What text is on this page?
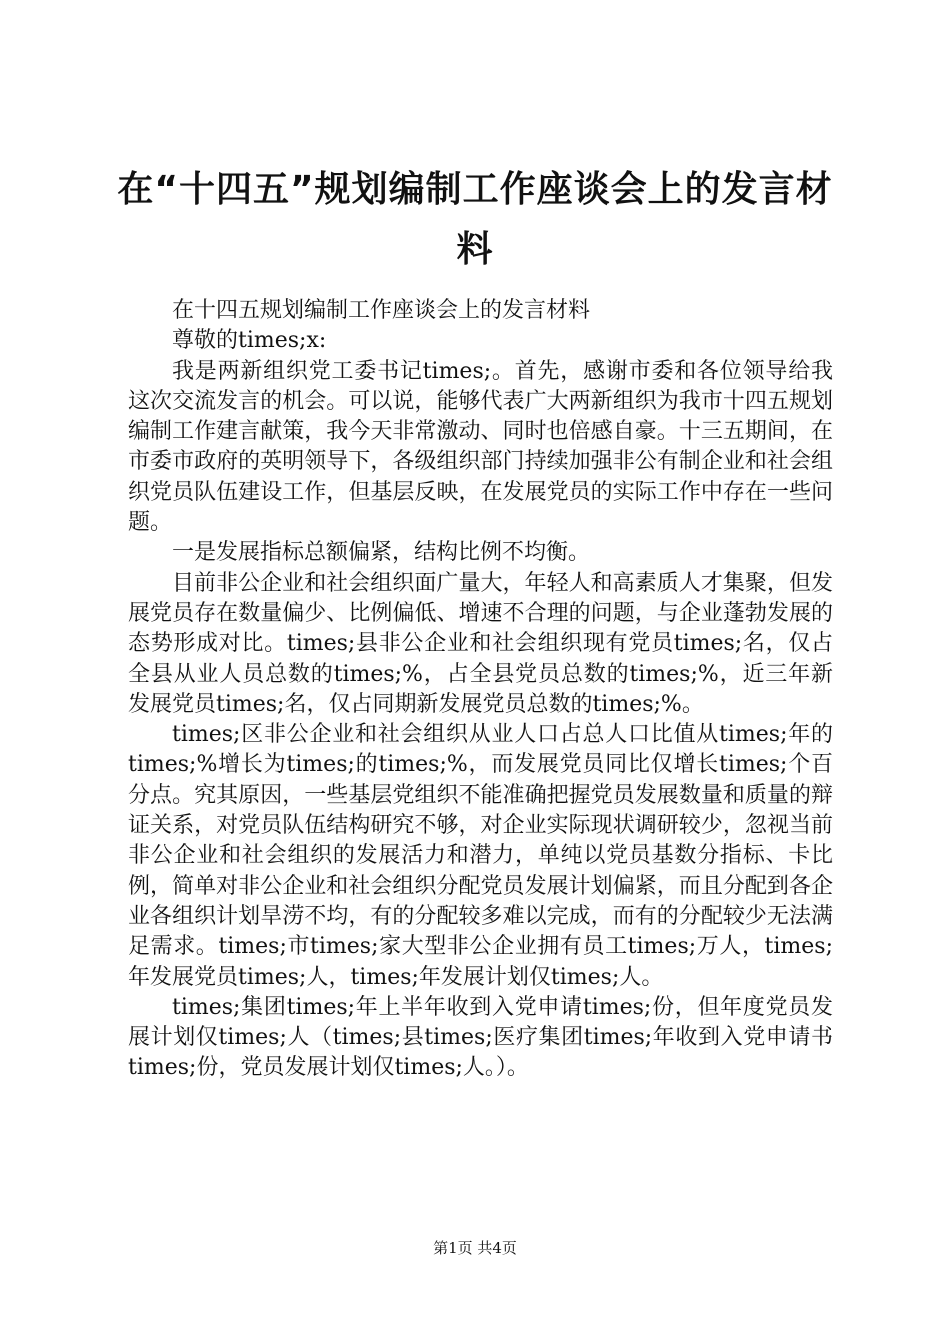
在“十四五”规划编制工作座谈会上的发言材料

在十四五规划编制工作座谈会上的发言材料

尊敬的times;x:

我是两新组织党工委书记times;。首先，感谢市委和各位领导给我这次交流发言的机会。可以说，能够代表广大两新组织为我市十四五规划编制工作建言献策，我今天非常激动、同时也倍感自豪。十三五期间，在市委市政府的英明领导下，各级组织部门持续加强非公有制企业和社会组织党员队伍建设工作，但基层反映，在发展党员的实际工作中存在一些问题。

一是发展指标总额偏紧，结构比例不均衡。

目前非公企业和社会组织面广量大，年轻人和高素质人才集聚，但发展党员存在数量偏少、比例偏低、增速不合理的问题，与企业蓬勃发展的态势形成对比。times;县非公企业和社会组织现有党员times;名，仅占全县从业人员总数的times;%，占全县党员总数的times;%，近三年新发展党员times;名，仅占同期新发展党员总数的times;%。

times;区非公企业和社会组织从业人口占总人口比值从times;年的times;%增长为times;的times;%，而发展党员同比仅增长times;个百分点。究其原因，一些基层党组织不能准确把握党员发展数量和质量的辩证关系，对党员队伍结构研究不够，对企业实际现状调研较少，忽视当前非公企业和社会组织的发展活力和潜力，单纯以党员基数分指标、卡比例，简单对非公企业和社会组织分配党员发展计划偏紧，而且分配到各企业各组织计划旱涝不均，有的分配较多难以完成，而有的分配较少无法满足需求。times;市times;家大型非公企业拥有员工times;万人，times;年发展党员times;人，times;年发展计划仅times;人。

times;集团times;年上半年收到入党申请times;份，但年度党员发展计划仅times;人（times;县times;医疗集团times;年收到入党申请书times;份，党员发展计划仅times;人。）。

第1页 共4页
